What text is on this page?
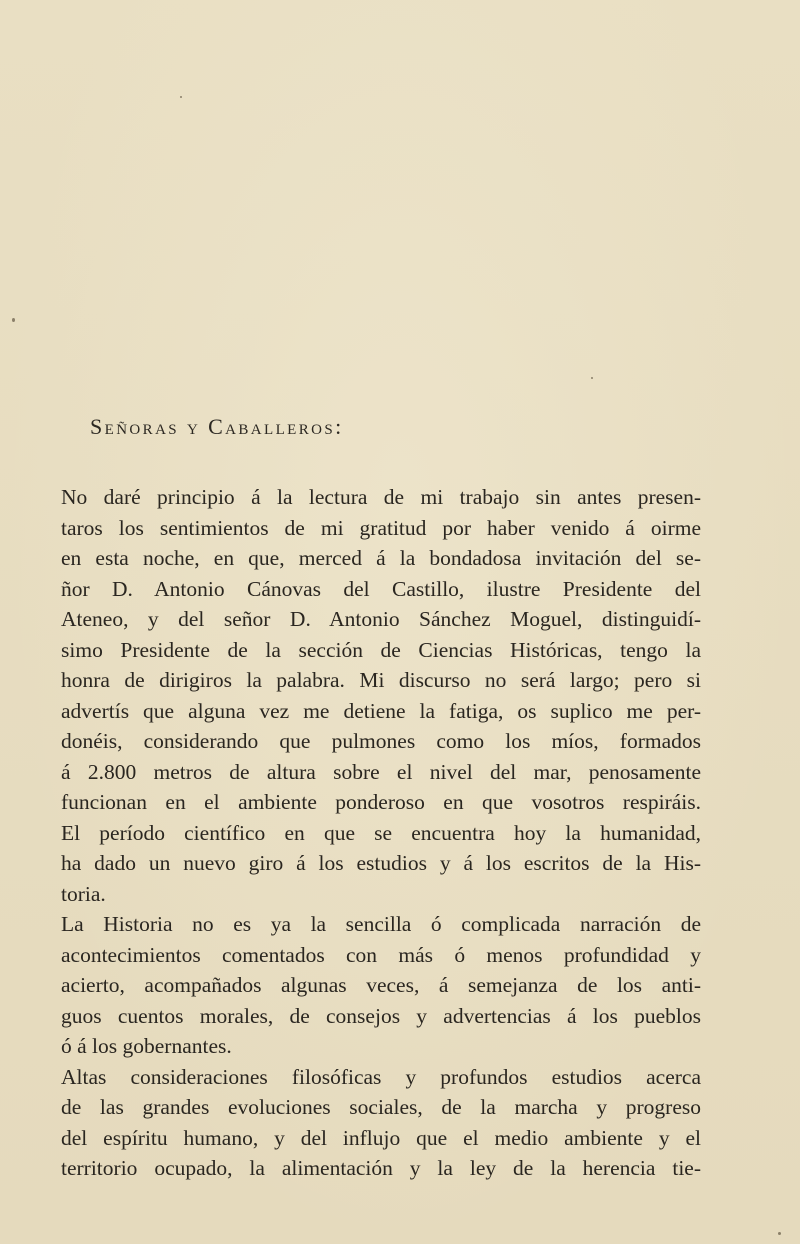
Señoras y Caballeros:
No daré principio á la lectura de mi trabajo sin antes presen-
taros los sentimientos de mi gratitud por haber venido á oirme
en esta noche, en que, merced á la bondadosa invitación del se-
ñor D. Antonio Cánovas del Castillo, ilustre Presidente del
Ateneo, y del señor D. Antonio Sánchez Moguel, distinguidí-
simo Presidente de la sección de Ciencias Históricas, tengo la
honra de dirigiros la palabra. Mi discurso no será largo; pero si
advertís que alguna vez me detiene la fatiga, os suplico me per-
donéis, considerando que pulmones como los míos, formados
á 2.800 metros de altura sobre el nivel del mar, penosamente
funcionan en el ambiente ponderoso en que vosotros respiráis.
El período científico en que se encuentra hoy la humanidad,
ha dado un nuevo giro á los estudios y á los escritos de la His-
toria.
La Historia no es ya la sencilla ó complicada narración de
acontecimientos comentados con más ó menos profundidad y
acierto, acompañados algunas veces, á semejanza de los anti-
guos cuentos morales, de consejos y advertencias á los pueblos
ó á los gobernantes.
Altas consideraciones filosóficas y profundos estudios acerca
de las grandes evoluciones sociales, de la marcha y progreso
del espíritu humano, y del influjo que el medio ambiente y el
territorio ocupado, la alimentación y la ley de la herencia tie-
